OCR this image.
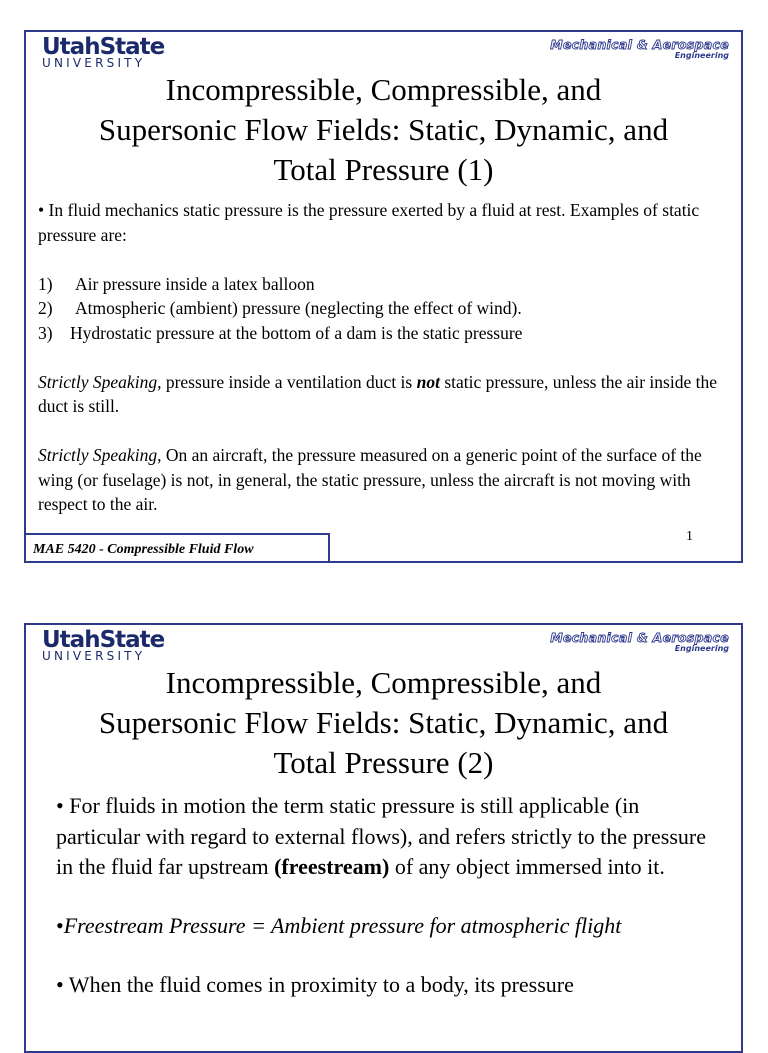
UtahState
UNIVERSITY
Mechanical & Aerospace
Engineering
Incompressible, Compressible, and
Supersonic Flow Fields: Static, Dynamic, and
Total Pressure (1)

• In fluid mechanics static pressure is the pressure exerted by a fluid at rest. Examples of static pressure are:

1)	Air pressure inside a latex balloon
2)	Atmospheric (ambient) pressure (neglecting the effect of wind).
3) Hydrostatic pressure at the bottom of a dam is the static pressure

Strictly Speaking, pressure inside a ventilation duct is not static pressure, unless the air inside the duct is still.

Strictly Speaking, On an aircraft, the pressure measured on a generic point of the surface of the wing (or fuselage) is not, in general, the static pressure, unless the aircraft is not moving with respect to the air.

MAE 5420 - Compressible Fluid Flow
1
UtahState
UNIVERSITY
Mechanical & Aerospace
Engineering
Incompressible, Compressible, and
Supersonic Flow Fields: Static, Dynamic, and
Total Pressure (2)

• For fluids in motion the term static pressure is still applicable (in particular with regard to external flows), and refers strictly to the pressure in the fluid far upstream (freestream) of any object immersed into it.

•Freestream Pressure = Ambient pressure for atmospheric flight

• When the fluid comes in proximity to a body, its pressure
